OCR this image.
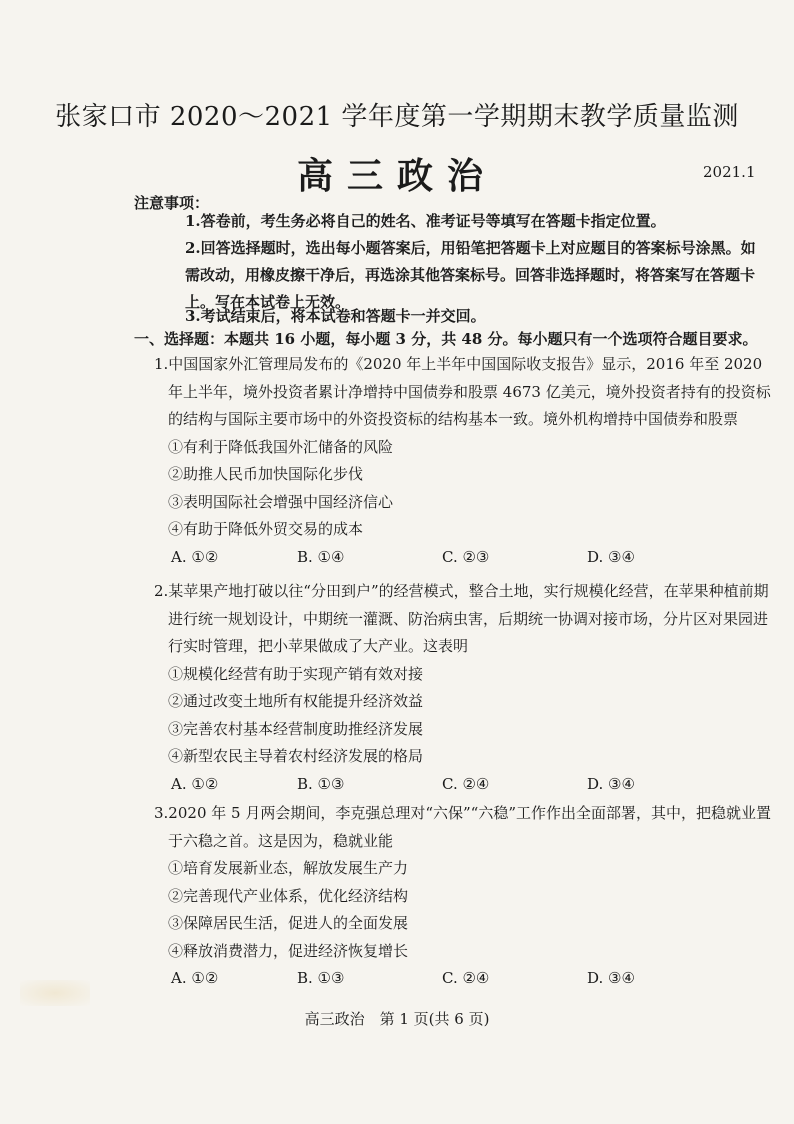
张家口市 2020～2021 学年度第一学期期末教学质量监测
高三政治	2021.1
注意事项：
1.答卷前，考生务必将自己的姓名、准考证号等填写在答题卡指定位置。
2.回答选择题时，选出每小题答案后，用铅笔把答题卡上对应题目的答案标号涂黑。如需改动，用橡皮擦干净后，再选涂其他答案标号。回答非选择题时，将答案写在答题卡上。写在本试卷上无效。
一、选择题：本题共 16 小题，每小题 3 分，共 48 分。每小题只有一个选项符合题目要求。

1.中国国家外汇管理局发布的《2020 年上半年中国国际收支报告》显示，2016 年至 2020 年上半年，境外投资者累计净增持中国债券和股票 4673 亿美元，境外投资者持有的投资标的结构与国际主要市场中的外资投资标的结构基本一致。境外机构增持中国债券和股票

①有利于降低我国外汇储备的风险

②助推人民币加快国际化步伐

③表明国际社会增强中国经济信心

④有助于降低外贸交易的成本

A. ①②	B. ①④	C. ②③	D. ③④

2.某苹果产地打破以往“分田到户”的经营模式，整合土地，实行规模化经营，在苹果种植前期进行统一规划设计，中期统一灌溉、防治病虫害，后期统一协调对接市场，分片区对果园进行实时管理，把小苹果做成了大产业。这表明

①规模化经营有助于实现产销有效对接

②通过改变土地所有权能提升经济效益

③完善农村基本经营制度助推经济发展

④新型农民主导着农村经济发展的格局

A. ①②	B. ①③	C. ②④	D. ③④

3.2020 年 5 月两会期间，李克强总理对“六保”“六稳”工作作出全面部署，其中，把稳就业置于六稳之首。这是因为，稳就业能

①培育发展新业态，解放发展生产力

②完善现代产业体系，优化经济结构

③保障居民生活，促进人的全面发展

④释放消费潜力，促进经济恢复增长

A. ①②	B. ①③	C. ②④	D. ③④
3.考试结束后，将本试卷和答题卡一并交回。
高三政治　第 1 页(共 6 页)
